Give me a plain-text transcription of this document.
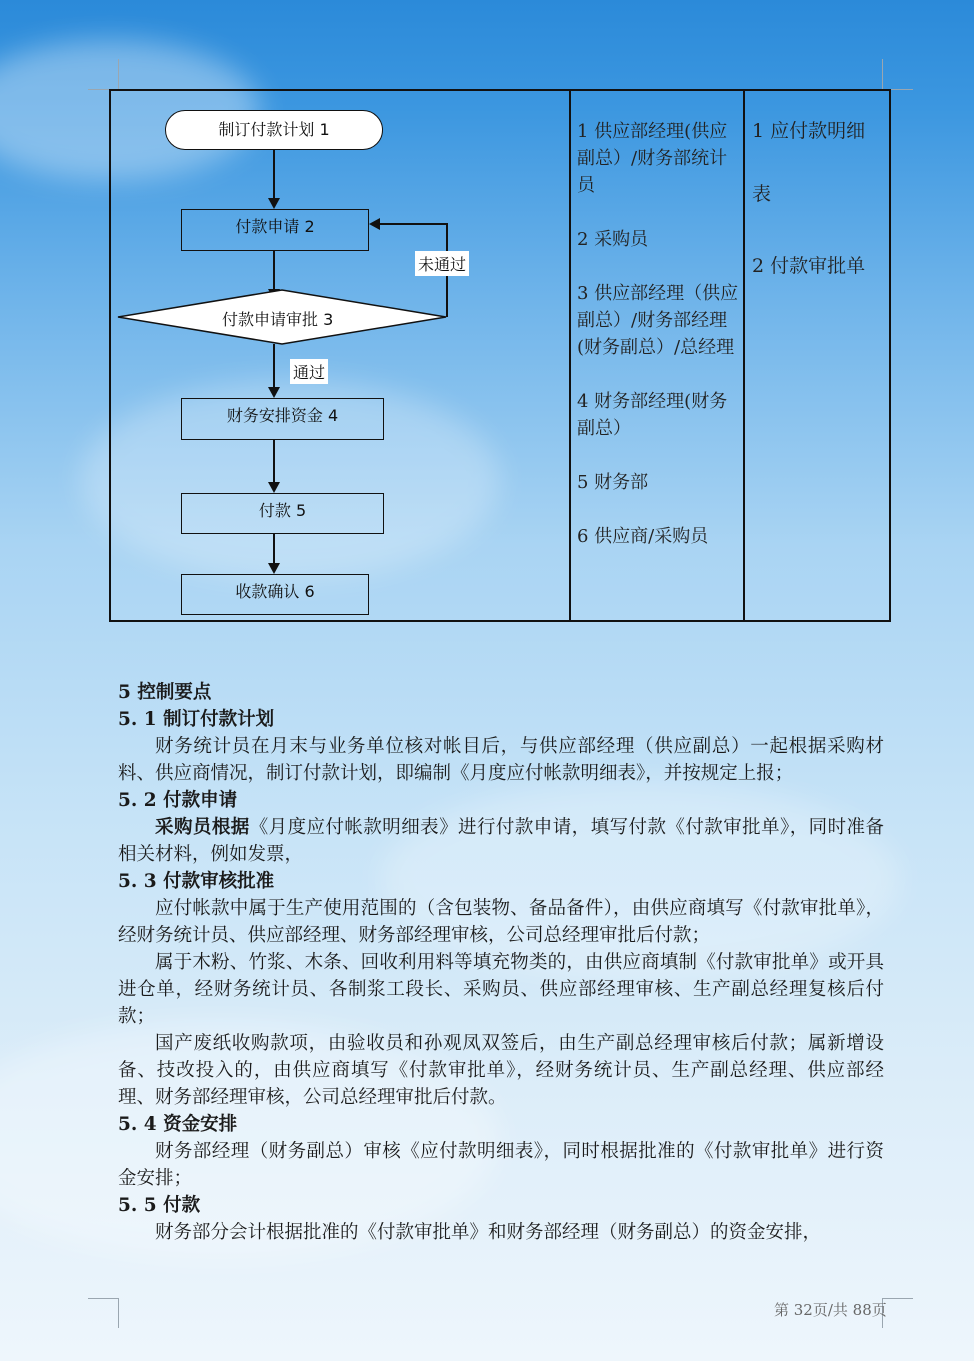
制订付款计划 1
付款申请 2
付款申请审批 3
未通过
通过
财务安排资金 4
付款 5
收款确认 6

1 供应部经理(供应副总）/财务部统计员

2 采购员

3 供应部经理（供应副总）/财务部经理(财务副总）/总经理

4 财务部经理(财务副总）

5 财务部

6 供应商/采购员

1 应付款明细

表

2 付款审批单

5 控制要点

5. 1 制订付款计划

财务统计员在月末与业务单位核对帐目后，与供应部经理（供应副总）一起根据采购材料、供应商情况，制订付款计划，即编制《月度应付帐款明细表》，并按规定上报；

5. 2 付款申请

采购员根据《月度应付帐款明细表》进行付款申请，填写付款《付款审批单》，同时准备相关材料，例如发票，

5. 3 付款审核批准

应付帐款中属于生产使用范围的（含包装物、备品备件），由供应商填写《付款审批单》，经财务统计员、供应部经理、财务部经理审核，公司总经理审批后付款；

属于木粉、竹浆、木条、回收利用料等填充物类的，由供应商填制《付款审批单》或开具进仓单，经财务统计员、各制浆工段长、采购员、供应部经理审核、生产副总经理复核后付款；

国产废纸收购款项，由验收员和孙观凤双签后，由生产副总经理审核后付款；属新增设备、技改投入的，由供应商填写《付款审批单》，经财务统计员、生产副总经理、供应部经理、财务部经理审核，公司总经理审批后付款。

5. 4 资金安排

财务部经理（财务副总）审核《应付款明细表》，同时根据批准的《付款审批单》进行资金安排；

5. 5 付款

财务部分会计根据批准的《付款审批单》和财务部经理（财务副总）的资金安排，

第 32页/共 88页
